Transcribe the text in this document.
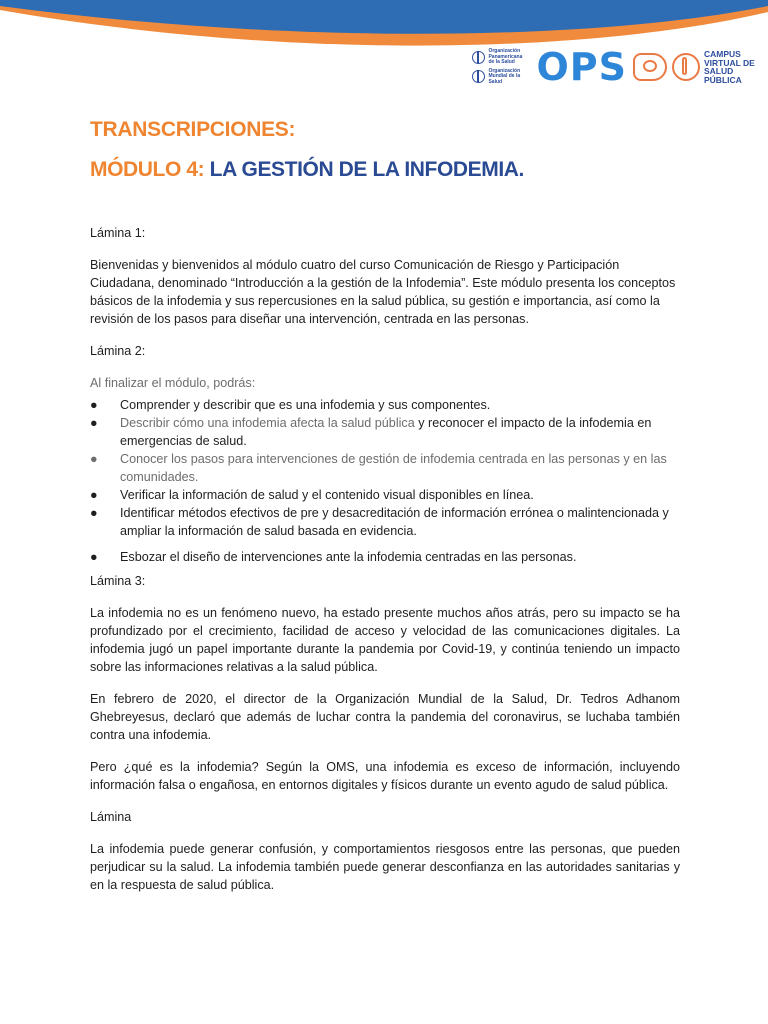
Organización Panamericana de la Salud
Organización Mundial de la Salud OPS	CAMPUS VIRTUAL DE SALUD PÚBLICA
TRANSCRIPCIONES:
MÓDULO 4: LA GESTIÓN DE LA INFODEMIA.

Lámina 1:

Bienvenidas y bienvenidos al módulo cuatro del curso Comunicación de Riesgo y Participación Ciudadana, denominado “Introducción a la gestión de la Infodemia”. Este módulo presenta los conceptos básicos de la infodemia y sus repercusiones en la salud pública, su gestión e importancia, así como la revisión de los pasos para diseñar una intervención, centrada en las personas.

Lámina 2:

Al finalizar el módulo, podrás:

● Comprender y describir que es una infodemia y sus componentes.
● Describir cómo una infodemia afecta la salud pública y reconocer el impacto de la infodemia en emergencias de salud.
● Conocer los pasos para intervenciones de gestión de infodemia centrada en las personas y en las comunidades.
● Verificar la información de salud y el contenido visual disponibles en línea.
● Identificar métodos efectivos de pre y desacreditación de información errónea o malintencionada y ampliar la información de salud basada en evidencia.
● Esbozar el diseño de intervenciones ante la infodemia centradas en las personas.

Lámina 3:

La infodemia no es un fenómeno nuevo, ha estado presente muchos años atrás, pero su impacto se ha profundizado por el crecimiento, facilidad de acceso y velocidad de las comunicaciones digitales. La infodemia jugó un papel importante durante la pandemia por Covid-19, y continúa teniendo un impacto sobre las informaciones relativas a la salud pública.

En febrero de 2020, el director de la Organización Mundial de la Salud, Dr. Tedros Adhanom Ghebreyesus, declaró que además de luchar contra la pandemia del coronavirus, se luchaba también contra una infodemia.

Pero ¿qué es la infodemia? Según la OMS, una infodemia es exceso de información, incluyendo información falsa o engañosa, en entornos digitales y físicos durante un evento agudo de salud pública.

Lámina

La infodemia puede generar confusión, y comportamientos riesgosos entre las personas, que pueden perjudicar su la salud. La infodemia también puede generar desconfianza en las autoridades sanitarias y en la respuesta de salud pública.
